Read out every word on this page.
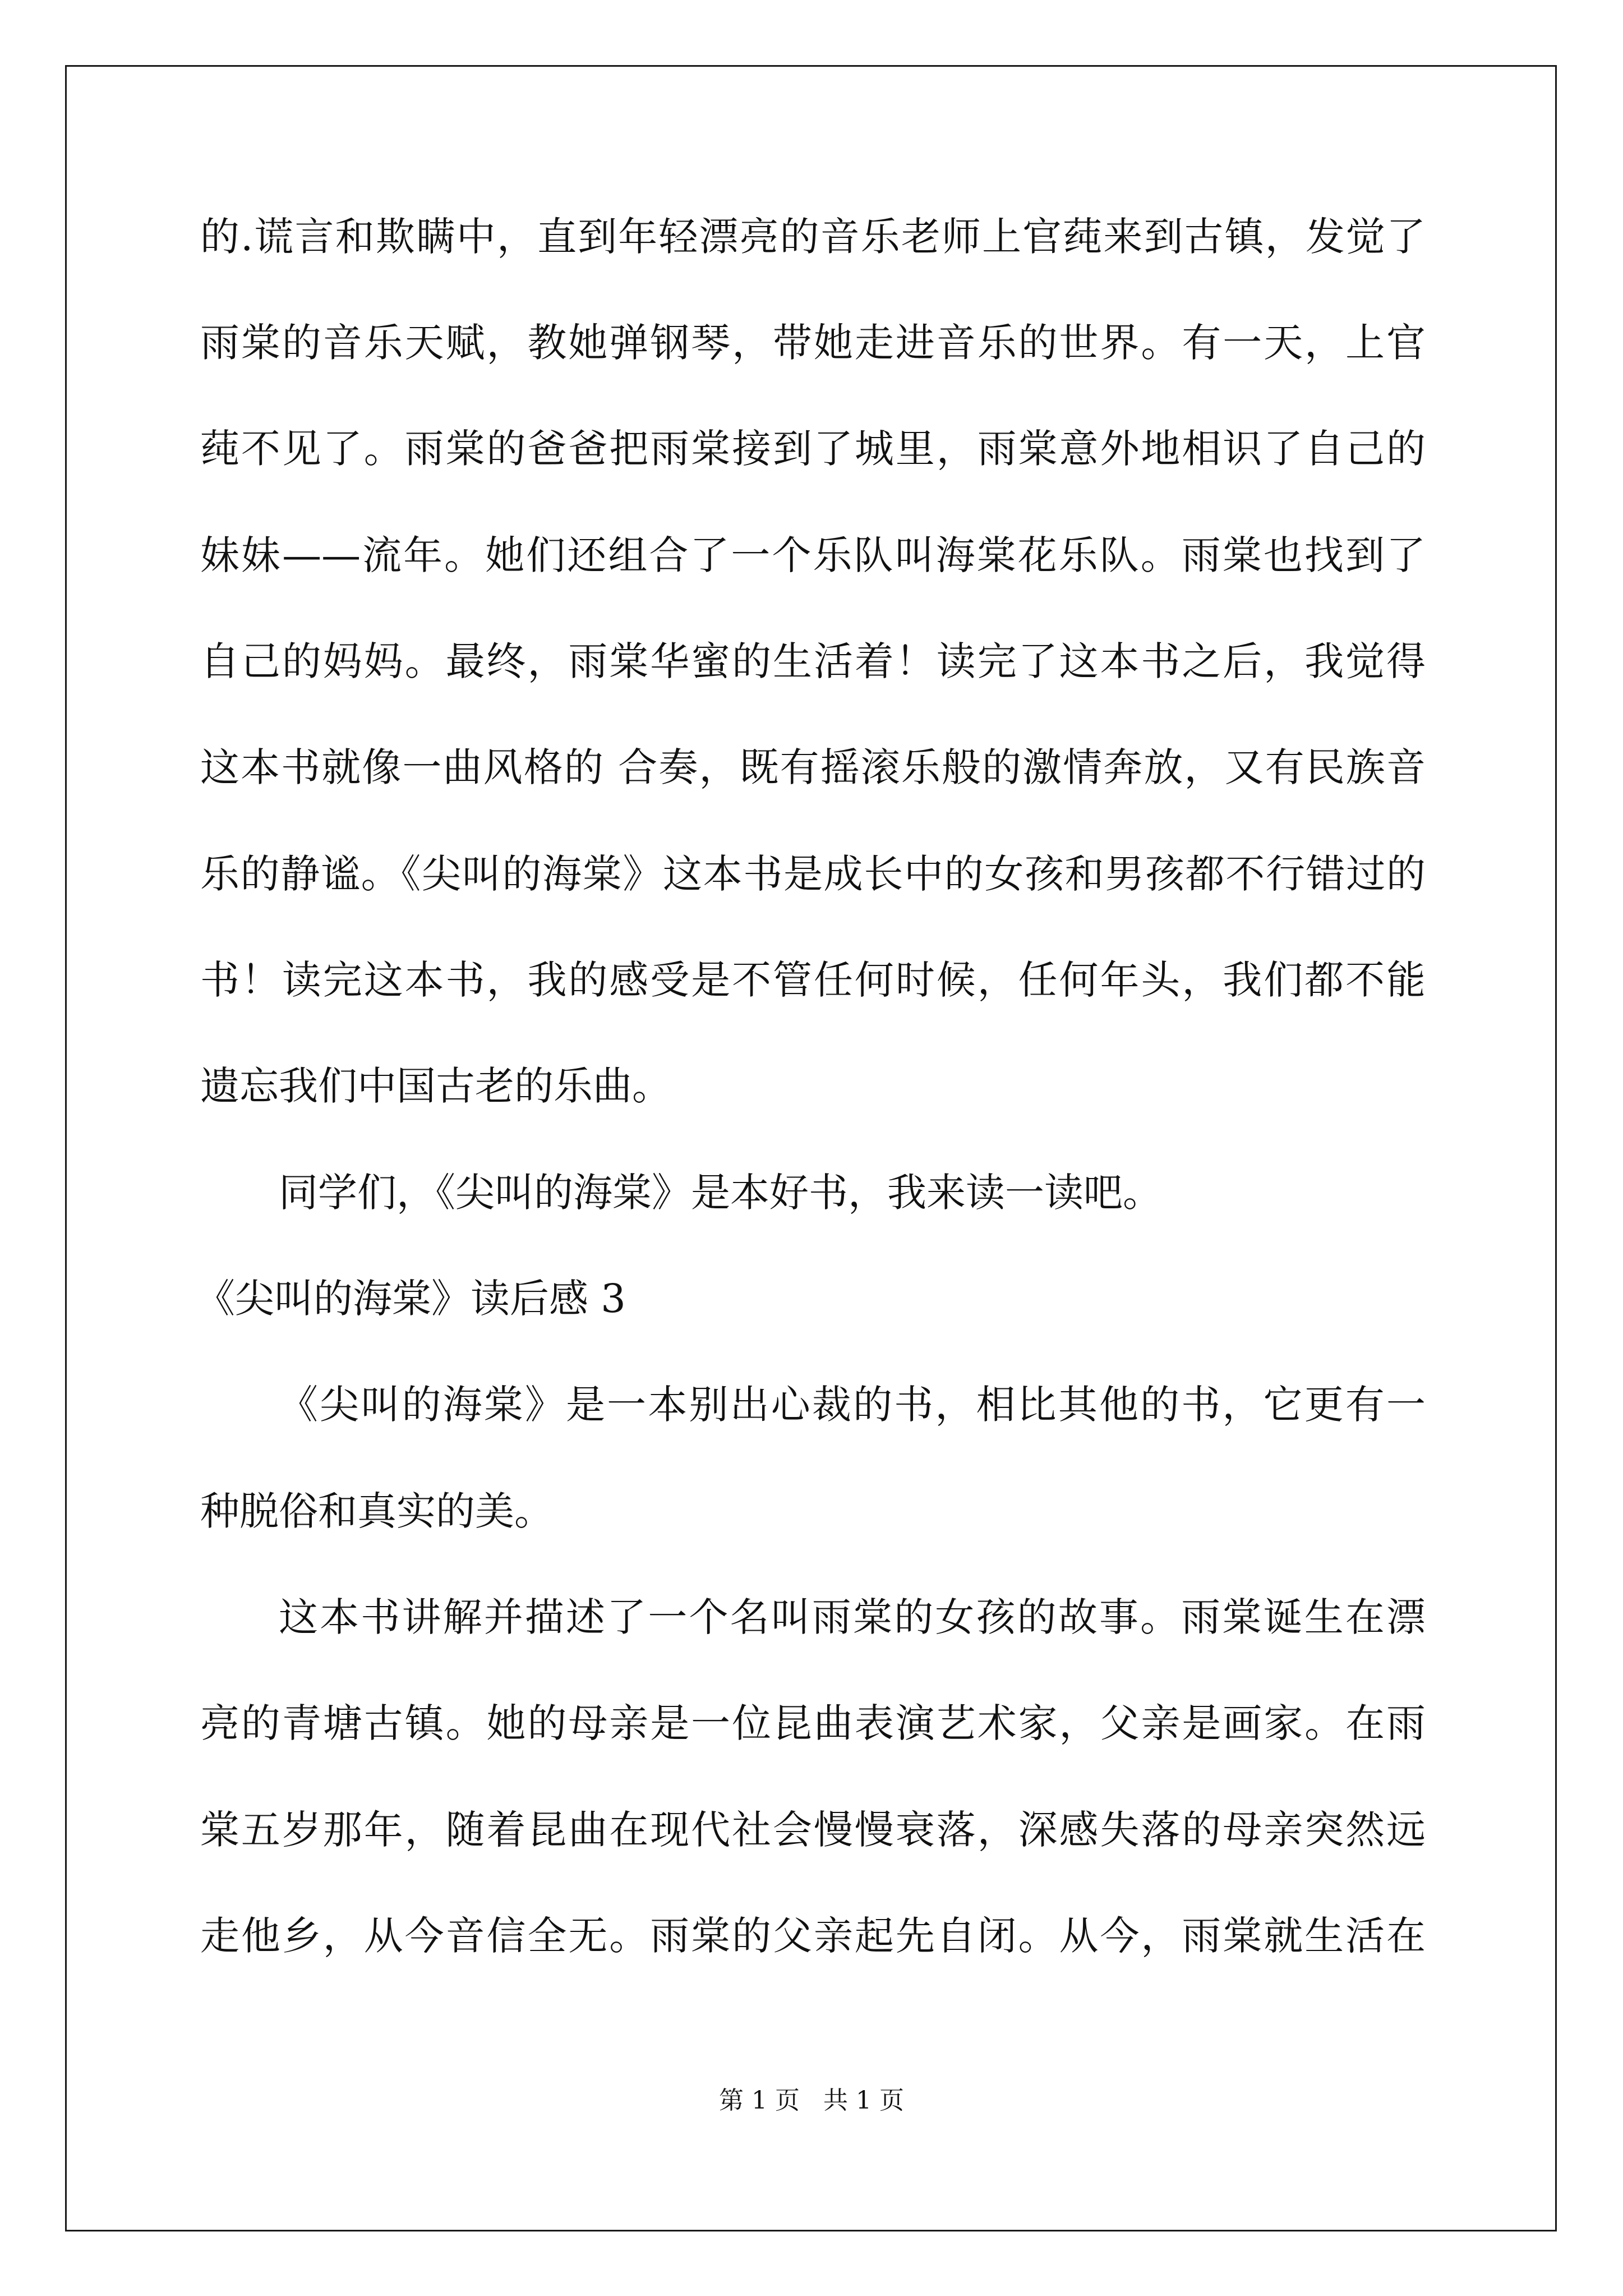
的.谎言和欺瞒中，直到年轻漂亮的音乐老师上官莼来到古镇，发觉了
雨棠的音乐天赋，教她弹钢琴，带她走进音乐的世界。有一天，上官
莼不见了。雨棠的爸爸把雨棠接到了城里，雨棠意外地相识了自己的
妹妹——流年。她们还组合了一个乐队叫海棠花乐队。雨棠也找到了
自己的妈妈。最终，雨棠华蜜的生活着！读完了这本书之后，我觉得
这本书就像一曲风格的 合奏，既有摇滚乐般的激情奔放，又有民族音
乐的静谧。《尖叫的海棠》这本书是成长中的女孩和男孩都不行错过的
书！读完这本书，我的感受是不管任何时候，任何年头，我们都不能
遗忘我们中国古老的乐曲。
同学们，《尖叫的海棠》是本好书，我来读一读吧。
《尖叫的海棠》读后感 3
《尖叫的海棠》是一本别出心裁的书，相比其他的书，它更有一
种脱俗和真实的美。
这本书讲解并描述了一个名叫雨棠的女孩的故事。雨棠诞生在漂
亮的青塘古镇。她的母亲是一位昆曲表演艺术家，父亲是画家。在雨
棠五岁那年，随着昆曲在现代社会慢慢衰落，深感失落的母亲突然远
走他乡，从今音信全无。雨棠的父亲起先自闭。从今，雨棠就生活在
第 1 页   共 1 页
